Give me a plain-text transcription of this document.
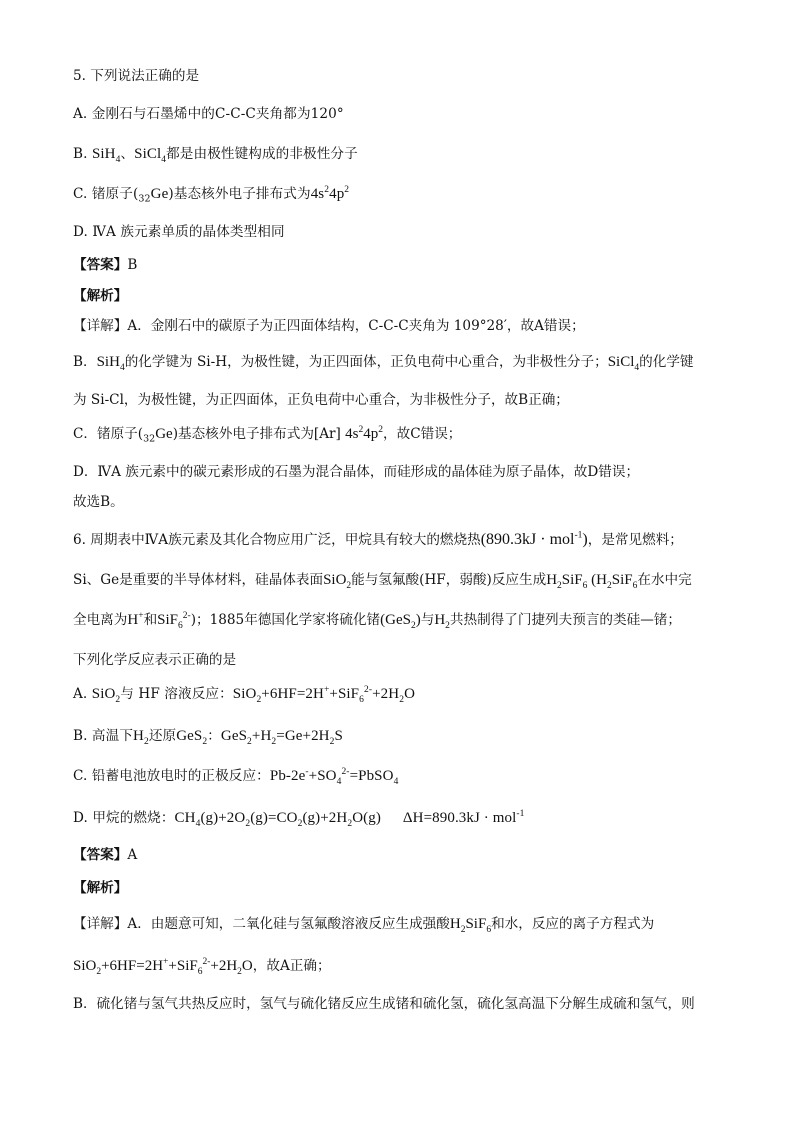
5. 下列说法正确的是
A. 金刚石与石墨烯中的C-C-C夹角都为120°
B. SiH$_4$、SiCl$_4$都是由极性键构成的非极性分子
C. 锗原子$(_{32}Ge)$基态核外电子排布式为$4s^24p^2$
D. ⅣA 族元素单质的晶体类型相同
【答案】B
【解析】
【详解】A．金刚石中的碳原子为正四面体结构，C-C-C夹角为 109°28′，故A错误；
B．SiH$_4$的化学键为 Si-H，为极性键，为正四面体，正负电荷中心重合，为非极性分子；SiCl$_4$的化学键
为 Si-Cl，为极性键，为正四面体，正负电荷中心重合，为非极性分子，故B正确；
C．锗原子$(_{32}Ge)$基态核外电子排布式为[Ar] $4s^24p^2$，故C错误；
D．ⅣA 族元素中的碳元素形成的石墨为混合晶体，而硅形成的晶体硅为原子晶体，故D错误；
故选B。
6. 周期表中ⅣA族元素及其化合物应用广泛，甲烷具有较大的燃烧热(890.3kJ · mol$^{-1}$)，是常见燃料；
Si、Ge是重要的半导体材料，硅晶体表面SiO$_2$能与氢氟酸(HF，弱酸)反应生成$H_2SiF_6$ ($H_2SiF_6$在水中完
全电离为H+和SiF$_6^{2-}$)；1885年德国化学家将硫化锗(GeS$_2$)与$H_2$共热制得了门捷列夫预言的类硅—锗；
下列化学反应表示正确的是
A. SiO$_2$与 HF 溶液反应：$SiO_2+6HF=2H^++SiF_6^{2-}+2H_2O$
B. 高温下$H_2$还原GeS$_2$：$GeS_2+H_2=Ge+2H_2S$
C. 铅蓄电池放电时的正极反应：$Pb-2e^-+SO_4^{2-}=PbSO_4$
D. 甲烷的燃烧：$CH_4(g)+2O_2(g)=CO_2(g)+2H_2O(g) \Delta H=890.3kJ \cdot mol^{-1}$
【答案】A
【解析】
【详解】A．由题意可知，二氧化硅与氢氟酸溶液反应生成强酸$H_2SiF_6$和水，反应的离子方程式为
$SiO_2+6HF=2H^++SiF_6^{2-}+2H_2O$，故A正确；
B．硫化锗与氢气共热反应时，氢气与硫化锗反应生成锗和硫化氢，硫化氢高温下分解生成硫和氢气，则
